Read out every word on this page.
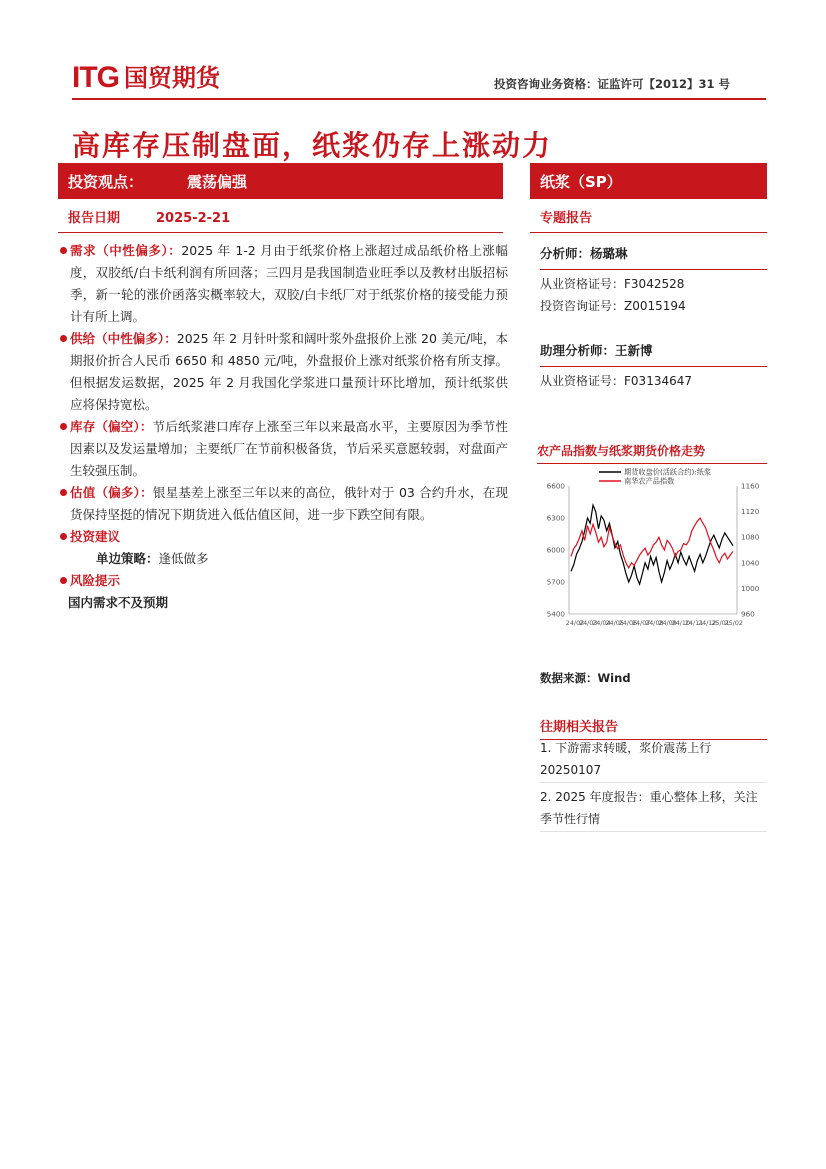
ITG 国贸期货	投资咨询业务资格：证监许可【2012】31 号
高库存压制盘面，纸浆仍存上涨动力
投资观点：	震荡偏强	纸浆（SP）
报告日期	2025-2-21	专题报告
需求（中性偏多）：2025 年 1-2 月由于纸浆价格上涨超过成品纸价格上涨幅度，双胶纸/白卡纸利润有所回落；三四月是我国制造业旺季以及教材出版招标季，新一轮的涨价函落实概率较大，双胶/白卡纸厂对于纸浆价格的接受能力预计有所上调。
供给（中性偏多）：2025 年 2 月针叶浆和阔叶浆外盘报价上涨 20 美元/吨，本期报价折合人民币 6650 和 4850 元/吨，外盘报价上涨对纸浆价格有所支撑。但根据发运数据，2025 年 2 月我国化学浆进口量预计环比增加，预计纸浆供应将保持宽松。
库存（偏空）：节后纸浆港口库存上涨至三年以来最高水平，主要原因为季节性因素以及发运量增加；主要纸厂在节前积极备货，节后采买意愿较弱，对盘面产生较强压制。
估值（偏多）：银星基差上涨至三年以来的高位，俄针对于 03 合约升水，在现货保持坚挺的情况下期货进入低估值区间，进一步下跌空间有限。
投资建议
单边策略：逢低做多
风险提示
国内需求不及预期
分析师：杨璐琳
从业资格证号：F3042528
投资咨询证号：Z0015194
助理分析师：王新博
从业资格证号：F03134647
农产品指数与纸浆期货价格走势
5400
5700
6000
6300
6600
960
1000
1040
1080
1120
1160
24/02
24/03
24/04
24/05
24/06
24/07
24/08
24/09
24/10
24/11
24/12
25/01
25/02
期货收盘价(活跃合约):纸浆
南华农产品指数
数据来源：Wind
往期相关报告
1. 下游需求转暖，浆价震荡上行 20250107
2. 2025 年度报告：重心整体上移，关注季节性行情
